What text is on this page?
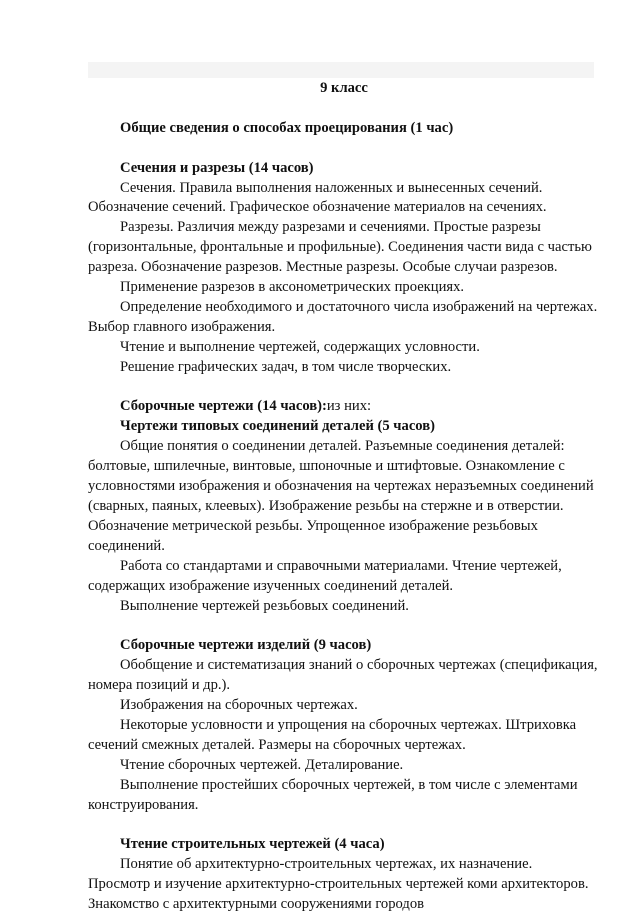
9 класс

Общие сведения о способах проецирования (1 час)

Сечения и разрезы (14 часов)

Сечения. Правила выполнения наложенных и вынесенных сечений. Обозначение сечений. Графическое обозначение материалов на сечениях.

Разрезы. Различия между разрезами и сечениями. Простые разрезы (горизонтальные, фронтальные и профильные). Соединения части вида с частью разреза. Обозначение разрезов. Местные разрезы. Особые случаи разрезов.

Применение разрезов в аксонометрических проекциях.

Определение необходимого и достаточного числа изображений на чертежах. Выбор главного изображения.

Чтение и выполнение чертежей, содержащих условности.

Решение графических задач, в том числе творческих.

Сборочные чертежи (14 часов):из них:

Чертежи типовых соединений деталей (5 часов)

Общие понятия о соединении деталей. Разъемные соединения деталей: болтовые, шпилечные, винтовые, шпоночные и штифтовые. Ознакомление с условностями изображения и обозначения на чертежах неразъемных соединений (сварных, паяных, клеевых). Изображение резьбы на стержне и в отверстии. Обозначение метрической резьбы. Упрощенное изображение резьбовых соединений.

Работа со стандартами и справочными материалами. Чтение чертежей, содержащих изображение изученных соединений деталей.

Выполнение чертежей резьбовых соединений.

Сборочные чертежи изделий (9 часов)

Обобщение и систематизация знаний о сборочных чертежах (спецификация, номера позиций и др.).

Изображения на сборочных чертежах.

Некоторые условности и упрощения на сборочных чертежах. Штриховка сечений смежных деталей. Размеры на сборочных чертежах.

Чтение сборочных чертежей. Деталирование.

Выполнение простейших сборочных чертежей, в том числе с элементами конструирования.

Чтение строительных чертежей (4 часа)

Понятие об архитектурно-строительных чертежах, их назначение. Просмотр и изучение архитектурно-строительных чертежей коми архитекторов. Знакомство с архитектурными сооружениями городов
